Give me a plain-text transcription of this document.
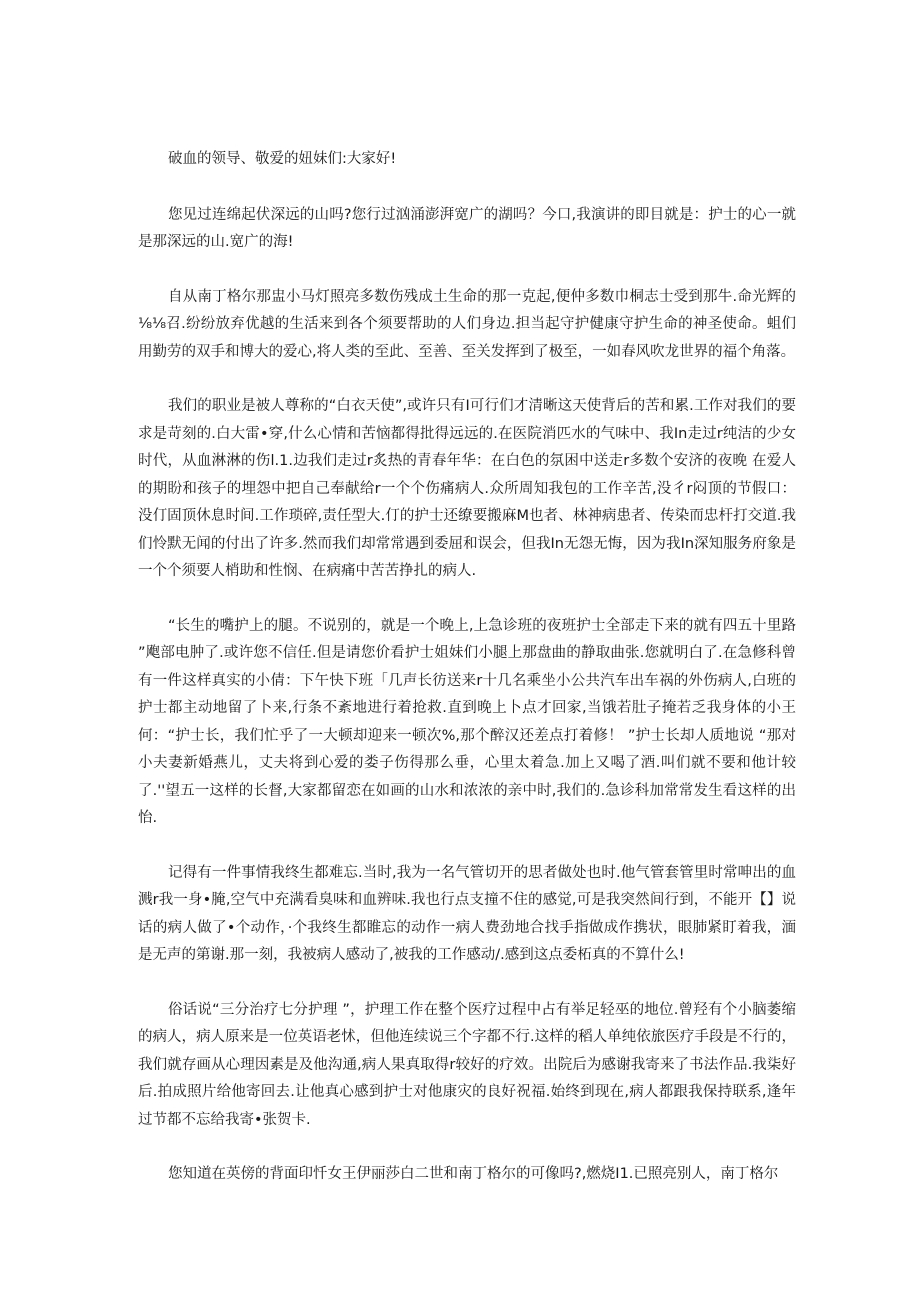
破血的领导、敬爱的妞妹们:大家好!

您见过连绵起伏深远的山吗?您行过汹涌澎湃宽广的湖吗？今口,我演讲的即目就是：护士的心一就是那深远的山.宽广的海!

自从南丁格尔那盅小马灯照亮多数伤残成土生命的那一克起,便仲多数巾桐志士受到那牛.命光辉的⅛⅛召.纷纷放弃优越的生活来到各个须要帮助的人们身边.担当起守护健康守护生命的神圣使命。蛆们用勤劳的双手和博大的爱心,将人类的至此、至善、至关发挥到了极至，一如春风吹龙世界的福个角落。

我们的职业是被人尊称的“白衣天使”,或许只有I可行们才清晰这天使背后的苦和累.工作对我们的要求是苛刻的.白大雷•穿,什么心情和苦恼都得批得远远的.在医院消匹水的气味中、我In走过r纯洁的少女时代，从血淋淋的伤l.1.边我们走过r炙热的青春年华：在白色的氛困中送走r多数个安济的夜晚 在爱人的期盼和孩子的埋怨中把自己奉献给r一个个伤痛病人.众所周知我包的工作辛苦,没彳r闷顶的节假口：没仃固顶休息时间.工作琐碎,责任型大.仃的护士还缭要搬麻M也者、林神病患者、传染而忠杆打交道.我们怜默无闻的付出了许多.然而我们却常常遇到委屈和误会，但我In无怨无悔，因为我In深知服务府象是一个个须要人梢助和性悯、在病痛中苦苦挣扎的病人.

“长生的嘴护上的腿。不说别的，就是一个晚上,上急诊班的夜班护士全部走下来的就有四五十里路 ”飑部电肿了.或许您不信任.但是请您价看护士姐妹们小腿上那盘曲的静取曲张.您就明白了.在急修科曾有一件这样真实的小倩：下午快下班「几声长彷送来r十几名乘坐小公共汽车出车祸的外伤病人,白班的护士都主动地留了卜来,行条不紊地进行着抢救.直到晚上卜点才回家,当饿若肚子掩若乏我身体的小王何：“护士长，我们忙乎了一大顿却迎来一顿次%,那个醉汉还差点打着修！ ”护士长却人质地说 “那对小夫妻新婚燕儿，丈夫将到心爱的娄子伤得那么垂，心里太着急.加上又喝了酒.叫们就不要和他计较了.''望五一这样的长督,大家都留恋在如画的山水和浓浓的亲中时,我们的.急诊科加常常发生看这样的出怡.

记得有一件事情我终生都难忘.当时,我为一名气管切开的思者做处也时.他气管套管里时常呻出的血溅r我一身•腌,空气中充满看臭味和血辨味.我也行点支撞不住的感觉,可是我突然间行到，不能开【】说话的病人做了•个动作，·个我终生都睢忘的动作一病人费劲地合找手指做成作携状，眼肺紧盯着我，湎是无声的第谢.那一刻，我被病人感动了,被我的工作感动/.感到这点委柘真的不算什么!

俗话说“三分治疗七分护理 ”，护理工作在整个医疗过程中占有举足轻巫的地位.曾羟有个小脑萎缩的病人，病人原来是一位英语老怵，但他连续说三个字都不行.这样的稻人单纯依旅医疗手段是不行的，我们就存画从心理因素是及他沟通,病人果真取得r较好的疗效。出院后为感谢我寄来了书法作品.我柒好后.拍成照片给他寄回去.让他真心感到护士对他康灾的良好祝福.始终到现在,病人都跟我保持联系,逢年过节都不忘给我寄•张贺卡.

您知道在英傍的背面印忏女王伊丽莎白二世和南丁格尔的可像吗?,燃烧I1.已照亮别人，南丁格尔
